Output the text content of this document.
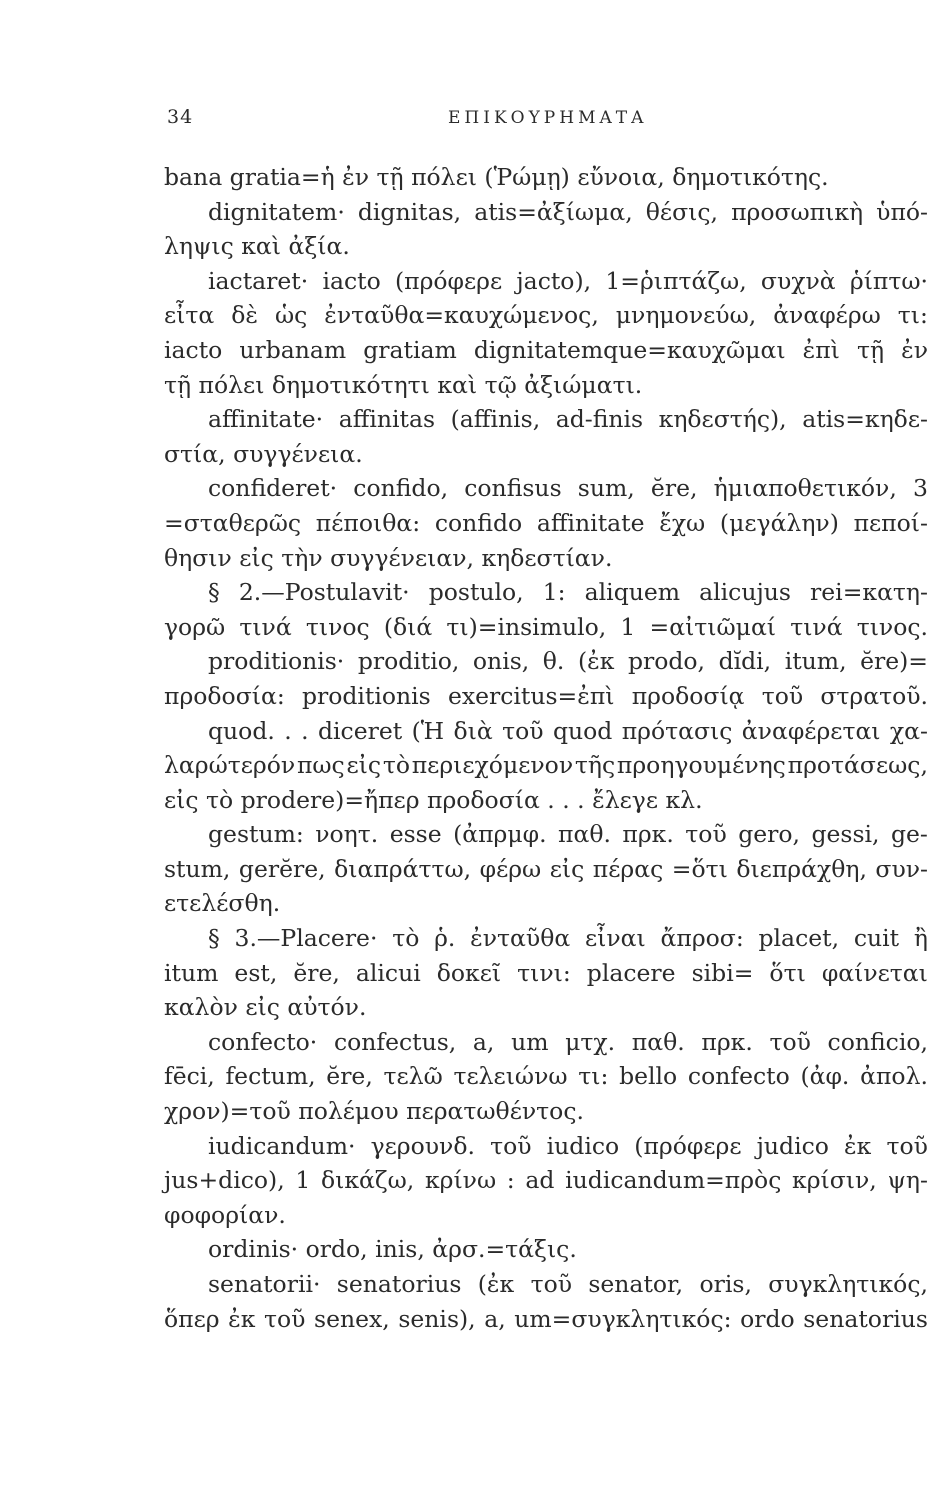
34	ΕΠΙΚΟΥΡΗΜΑΤΑ
bana gratia=ἡ ἐν τῇ πόλει (Ῥώμῃ) εὔνοια, δημοτικότης.
dignitatem· dignitas, atis=ἀξίωμα, θέσις, προσωπικὴ ὑπό-
ληψις καὶ ἀξία.
iactaret· iacto (πρόφερε jacto), 1=ῥιπτάζω, συχνὰ ῥίπτω·
εἶτα δὲ ὡς ἐνταῦθα=καυχώμενος, μνημονεύω, ἀναφέρω τι:
iacto urbanam gratiam dignitatemque=καυχῶμαι ἐπὶ τῇ ἐν
τῇ πόλει δημοτικότητι καὶ τῷ ἀξιώματι.
affinitate· affinitas (affinis, ad-finis κηδεστής), atis=κηδε-
στία, συγγένεια.
confideret· confido, confisus sum, ĕre, ἡμιαποθετικόν, 3
=σταθερῶς πέποιθα: confido affinitate ἔχω (μεγάλην) πεποί-
θησιν εἰς τὴν συγγένειαν, κηδεστίαν.
§ 2.—Postulavit· postulo, 1: aliquem alicujus rei=κατη-
γορῶ τινά τινος (διά τι)=insimulo, 1 =αἰτιῶμαί τινά τινος.
proditionis· proditio, onis, θ. (ἐκ prodo, dĭdi, itum, ĕre)=
προδοσία: proditionis exercitus=ἐπὶ προδοσίᾳ τοῦ στρατοῦ.
quod. . . diceret (Ἡ διὰ τοῦ quod πρότασις ἀναφέρεται χα-
λαρώτερόν πως εἰς τὸ περιεχόμενον τῆς προηγουμένης προτάσεως,
εἰς τὸ prodere)=ἤπερ προδοσία . . . ἔλεγε κλ.
gestum: νοητ. esse (ἀπρμφ. παθ. πρκ. τοῦ gero, gessi, ge-
stum, gerĕre, διαπράττω, φέρω εἰς πέρας =ὅτι διεπράχθη, συν-
ετελέσθη.
§ 3.—Placere· τὸ ῥ. ἐνταῦθα εἶναι ἄπροσ: placet, cuit ἢ
itum est, ĕre, alicui δοκεῖ τινι: placere sibi= ὅτι φαίνεται
καλὸν εἰς αὐτόν.
confecto· confectus, a, um μτχ. παθ. πρκ. τοῦ conficio,
fēci, fectum, ĕre, τελῶ τελειώνω τι: bello confecto (ἀφ. ἀπολ.
χρον)=τοῦ πολέμου περατωθέντος.
iudicandum· γερουνδ. τοῦ iudico (πρόφερε judico ἐκ τοῦ
jus+dico), 1 δικάζω, κρίνω : ad iudicandum=πρὸς κρίσιν, ψη-
φοφορίαν.
ordinis· ordo, inis, ἀρσ.=τάξις.
senatorii· senatorius (ἐκ τοῦ senator, oris, συγκλητικός,
ὅπερ ἐκ τοῦ senex, senis), a, um=συγκλητικός: ordo senatorius
